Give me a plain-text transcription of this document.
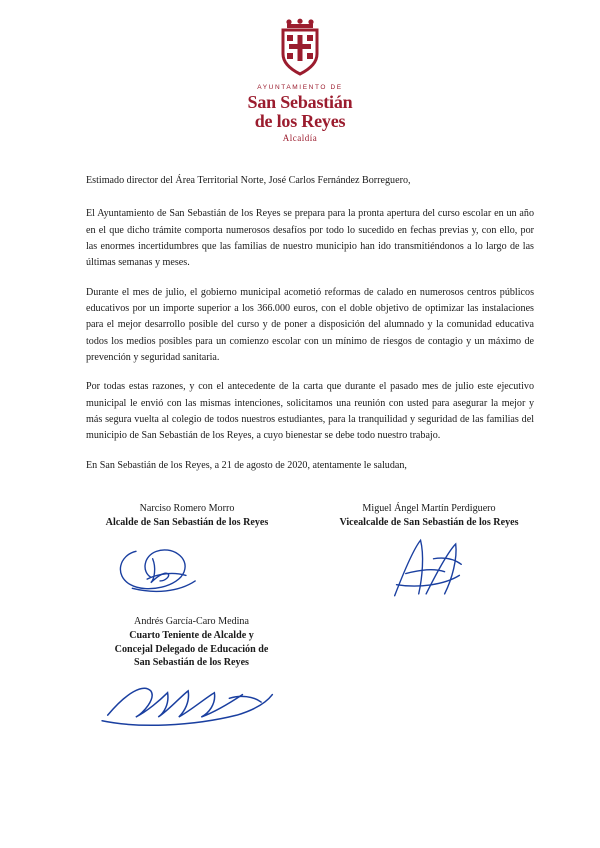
AYUNTAMIENTO DE
San Sebastián
de los Reyes
Alcaldía

Estimado director del Área Territorial Norte, José Carlos Fernández Borreguero,

El Ayuntamiento de San Sebastián de los Reyes se prepara para la pronta apertura del curso escolar en un año en el que dicho trámite comporta numerosos desafíos por todo lo sucedido en fechas previas y, con ello, por las enormes incertidumbres que las familias de nuestro municipio han ido transmitiéndonos a lo largo de las últimas semanas y meses.

Durante el mes de julio, el gobierno municipal acometió reformas de calado en numerosos centros públicos educativos por un importe superior a los 366.000 euros, con el doble objetivo de optimizar las instalaciones para el mejor desarrollo posible del curso y de poner a disposición del alumnado y la comunidad educativa todos los medios posibles para un comienzo escolar con un mínimo de riesgos de contagio y un máximo de prevención y seguridad sanitaria.

Por todas estas razones, y con el antecedente de la carta que durante el pasado mes de julio este ejecutivo municipal le envió con las mismas intenciones, solicitamos una reunión con usted para asegurar la mejor y más segura vuelta al colegio de todos nuestros estudiantes, para la tranquilidad y seguridad de las familias del municipio de San Sebastián de los Reyes, a cuyo bienestar se debe todo nuestro trabajo.

En San Sebastián de los Reyes, a 21 de agosto de 2020, atentamente le saludan,

Narciso Romero Morro
Alcalde de San Sebastián de los Reyes
Miguel Ángel Martín Perdiguero
Vicealcalde de San Sebastián de los Reyes
Andrés García-Caro Medina
Cuarto Teniente de Alcalde y
Concejal Delegado de Educación de
San Sebastián de los Reyes
